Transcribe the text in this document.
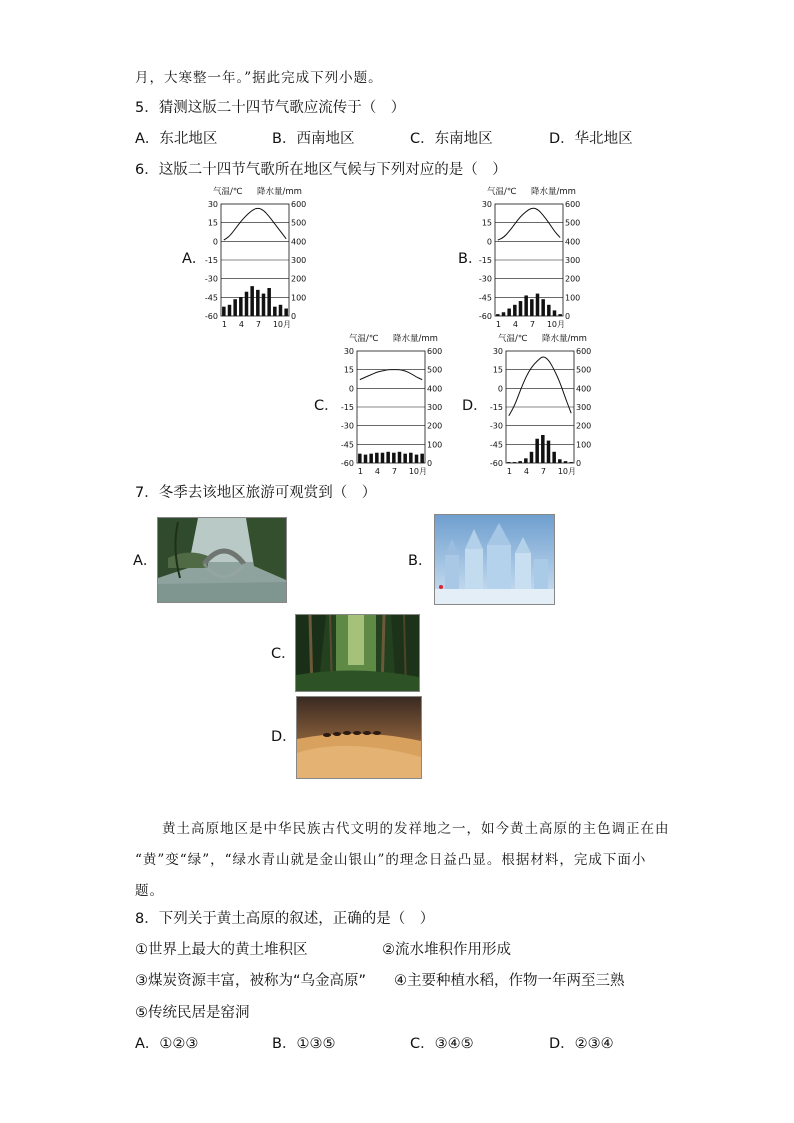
月，大寒整一年。”据此完成下列小题。
5．猜测这版二十四节气歌应流传于（　）
A．东北地区	B．西南地区	C．东南地区	D．华北地区
6．这版二十四节气歌所在地区气候与下列对应的是（　）
A．	B．
C．	D．
气温/℃ 降水量/mm
30	600
15	500
0	400
-15	300
-30	200
-45	100
-60	0
1 4 7 10月
气温/℃ 降水量/mm
30	600
15	500
0	400
-15	300
-30	200
-45	100
-60	0
1 4 7 10月
气温/℃ 降水量/mm
30	600
15	500
0	400
-15	300
-30	200
-45	100
-60	0
1 4 7 10月
气温/℃ 降水量/mm
30	600
15	500
0	400
-15	300
-30	200
-45	100
-60	0
1 4 7 10月
7．冬季去该地区旅游可观赏到（　）
A．	B．
C．
D．
黄土高原地区是中华民族古代文明的发祥地之一，如今黄土高原的主色调正在由
“黄”变“绿”，“绿水青山就是金山银山”的理念日益凸显。根据材料，完成下面小
题。
8．下列关于黄土高原的叙述，正确的是（　）
①世界上最大的黄土堆积区	②流水堆积作用形成
③煤炭资源丰富，被称为“乌金高原” ④主要种植水稻，作物一年两至三熟
⑤传统民居是窑洞
A．①②③	B．①③⑤	C．③④⑤	D．②③④
